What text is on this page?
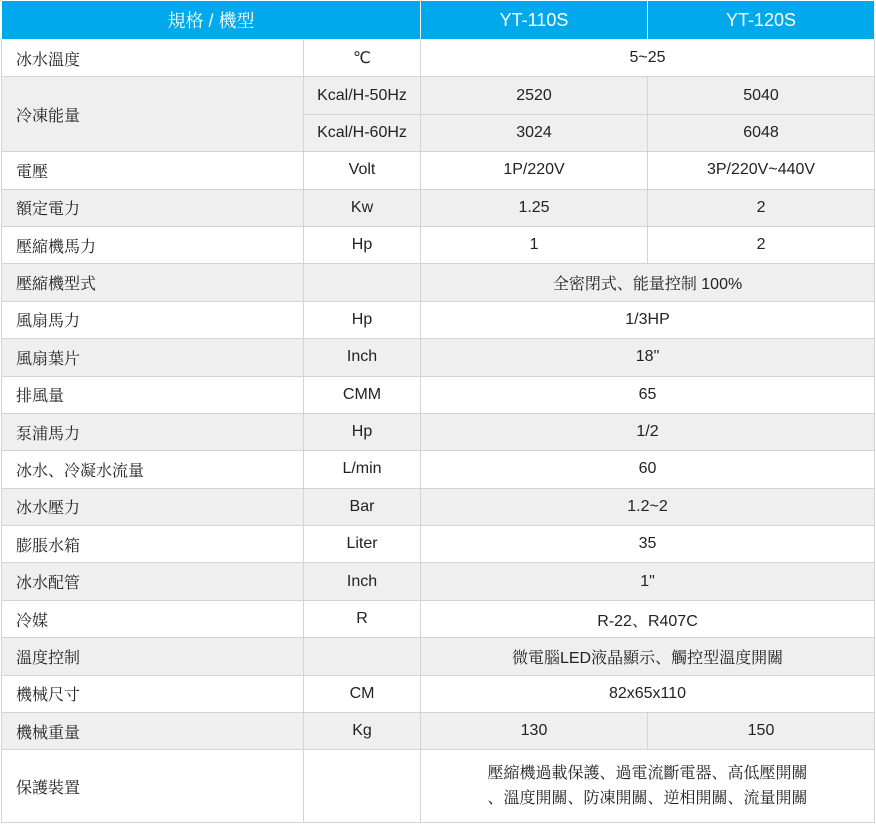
規格 / 機型		YT-110S	YT-120S
冰水溫度	℃	5~25	
冷凍能量	Kcal/H-50Hz	2520	5040
	Kcal/H-60Hz	3024	6048
電壓	Volt	1P/220V	3P/220V~440V
額定電力	Kw	1.25	2
壓縮機馬力	Hp	1	2
壓縮機型式		全密閉式、能量控制 100%	
風扇馬力	Hp	1/3HP	
風扇葉片	Inch	18"	
排風量	CMM	65	
泵浦馬力	Hp	1/2	
冰水、冷凝水流量	L/min	60	
冰水壓力	Bar	1.2~2	
膨脹水箱	Liter	35	
冰水配管	Inch	1"	
冷媒	R	R-22、R407C	
溫度控制		微電腦LED液晶顯示、觸控型溫度開關	
機械尺寸	CM	82x65x110	
機械重量	Kg	130	150
保護裝置		壓縮機過載保護、過電流斷電器、高低壓開關
、溫度開關、防凍開關、逆相開關、流量開關	
